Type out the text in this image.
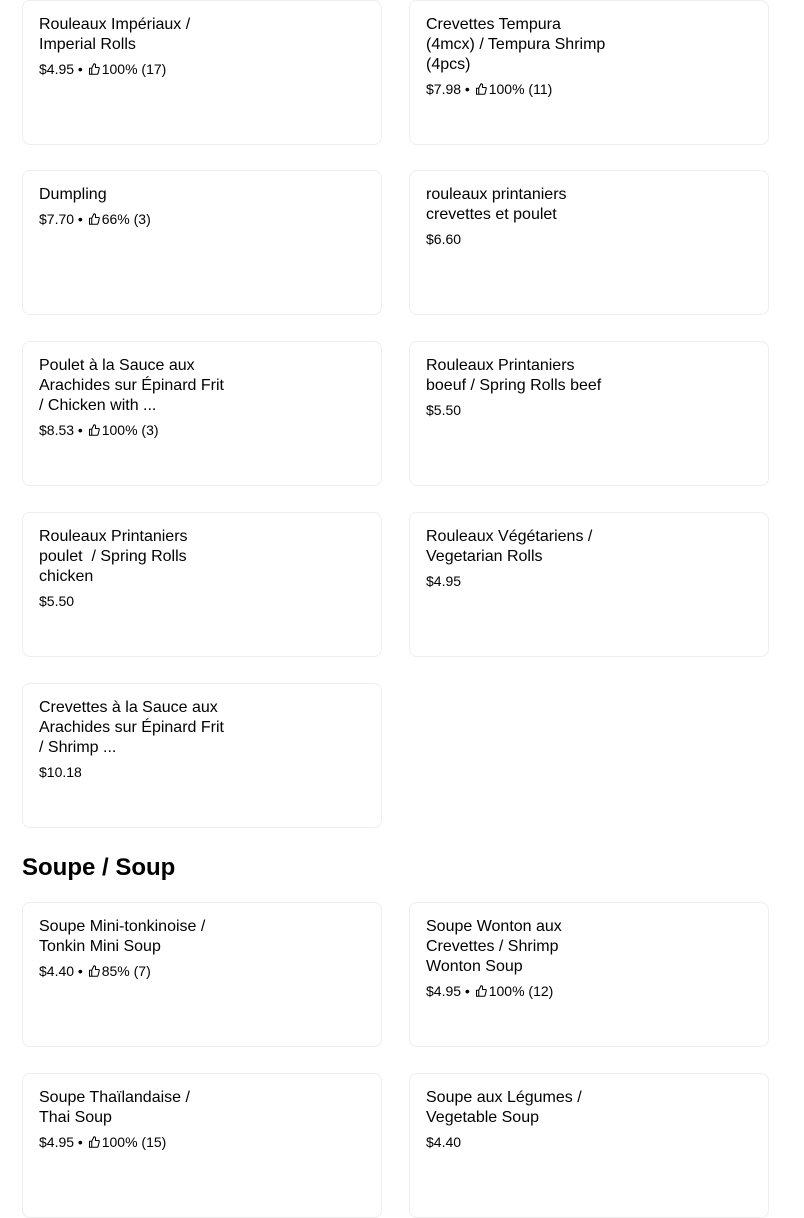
Rouleaux Impériaux / Imperial Rolls
$4.95 • 100% (17)
Crevettes Tempura (4mcx) / Tempura Shrimp (4pcs)
$7.98 • 100% (11)
Dumpling
$7.70 • 66% (3)
rouleaux printaniers crevettes et poulet
$6.60
Poulet à la Sauce aux Arachides sur Épinard Frit / Chicken with ...
$8.53 • 100% (3)
Rouleaux Printaniers boeuf / Spring Rolls beef
$5.50
Rouleaux Printaniers poulet  / Spring Rolls chicken
$5.50
Rouleaux Végétariens / Vegetarian Rolls
$4.95
Crevettes à la Sauce aux Arachides sur Épinard Frit / Shrimp ...
$10.18
Soupe / Soup
Soupe Mini-tonkinoise / Tonkin Mini Soup
$4.40 • 85% (7)
Soupe Wonton aux Crevettes / Shrimp Wonton Soup
$4.95 • 100% (12)
Soupe Thaïlandaise / Thai Soup
$4.95 • 100% (15)
Soupe aux Légumes / Vegetable Soup
$4.40
